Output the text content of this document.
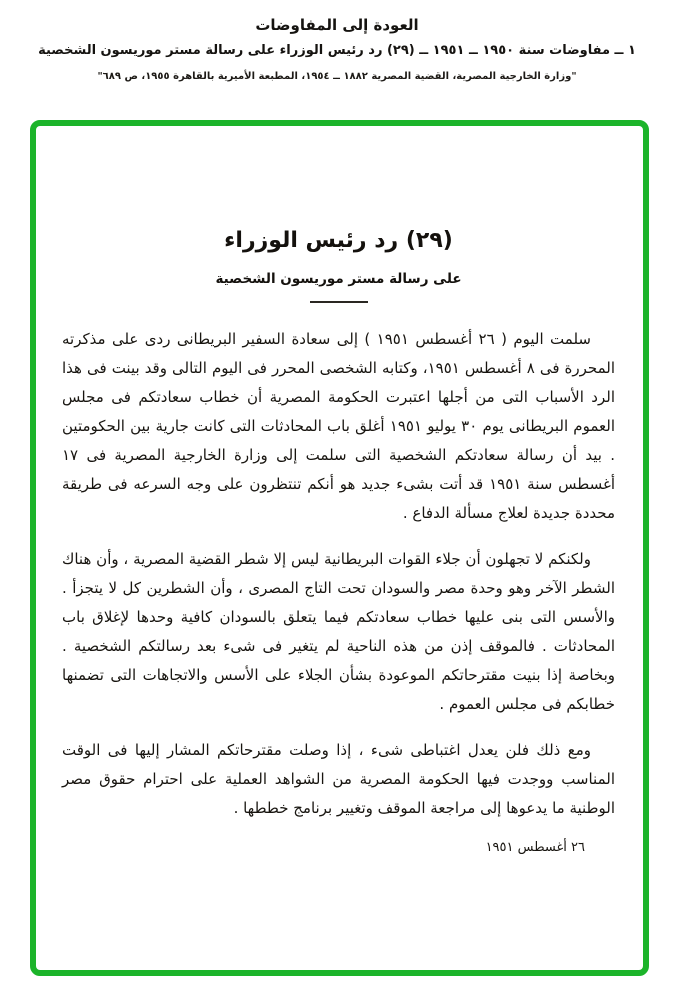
العودة إلى المفاوضات
١ ــ مفاوضات سنة ١٩٥٠ ــ ١٩٥١ ــ (٢٩) رد رئيس الوزراء على رسالة مستر موريسون الشخصية
"وزارة الخارجية المصرية، القضية المصرية ١٨٨٢ ــ ١٩٥٤، المطبعة الأميرية بالقاهرة ١٩٥٥، ص ٦٨٩"
(٢٩) رد رئيس الوزراء
على رسالة مستر موريسون الشخصية

سلمت اليوم ( ٢٦ أغسطس ١٩٥١ ) إلى سعادة السفير البريطانى ردى على مذكرته المحررة فى ٨ أغسطس ١٩٥١، وكتابه الشخصى المحرر فى اليوم التالى وقد بينت فى هذا الرد الأسباب التى من أجلها اعتبرت الحكومة المصرية أن خطاب سعادتكم فى مجلس العموم البريطانى يوم ٣٠ يوليو ١٩٥١ أغلق باب المحادثات التى كانت جارية بين الحكومتين . بيد أن رسالة سعادتكم الشخصية التى سلمت إلى وزارة الخارجية المصرية فى ١٧ أغسطس سنة ١٩٥١ قد أتت بشىء جديد هو أنكم تنتظرون على وجه السرعه فى طريقة محددة جديدة لعلاج مسألة الدفاع .

ولكنكم لا تجهلون أن جلاء القوات البريطانية ليس إلا شطر القضية المصرية ، وأن هناك الشطر الآخر وهو وحدة مصر والسودان تحت التاج المصرى ، وأن الشطرين كل لا يتجزأ . والأسس التى بنى عليها خطاب سعادتكم فيما يتعلق بالسودان كافية وحدها لإغلاق باب المحادثات . فالموقف إذن من هذه الناحية لم يتغير فى شىء بعد رسالتكم الشخصية . وبخاصة إذا بنيت مقترحاتكم الموعودة بشأن الجلاء على الأسس والاتجاهات التى تضمنها خطابكم فى مجلس العموم .

ومع ذلك فلن يعدل اغتباطى شىء ، إذا وصلت مقترحاتكم المشار إليها فى الوقت المناسب ووجدت فيها الحكومة المصرية من الشواهد العملية على احترام حقوق مصر الوطنية ما يدعوها إلى مراجعة الموقف وتغيير برنامج خططها .

٢٦ أغسطس ١٩٥١
